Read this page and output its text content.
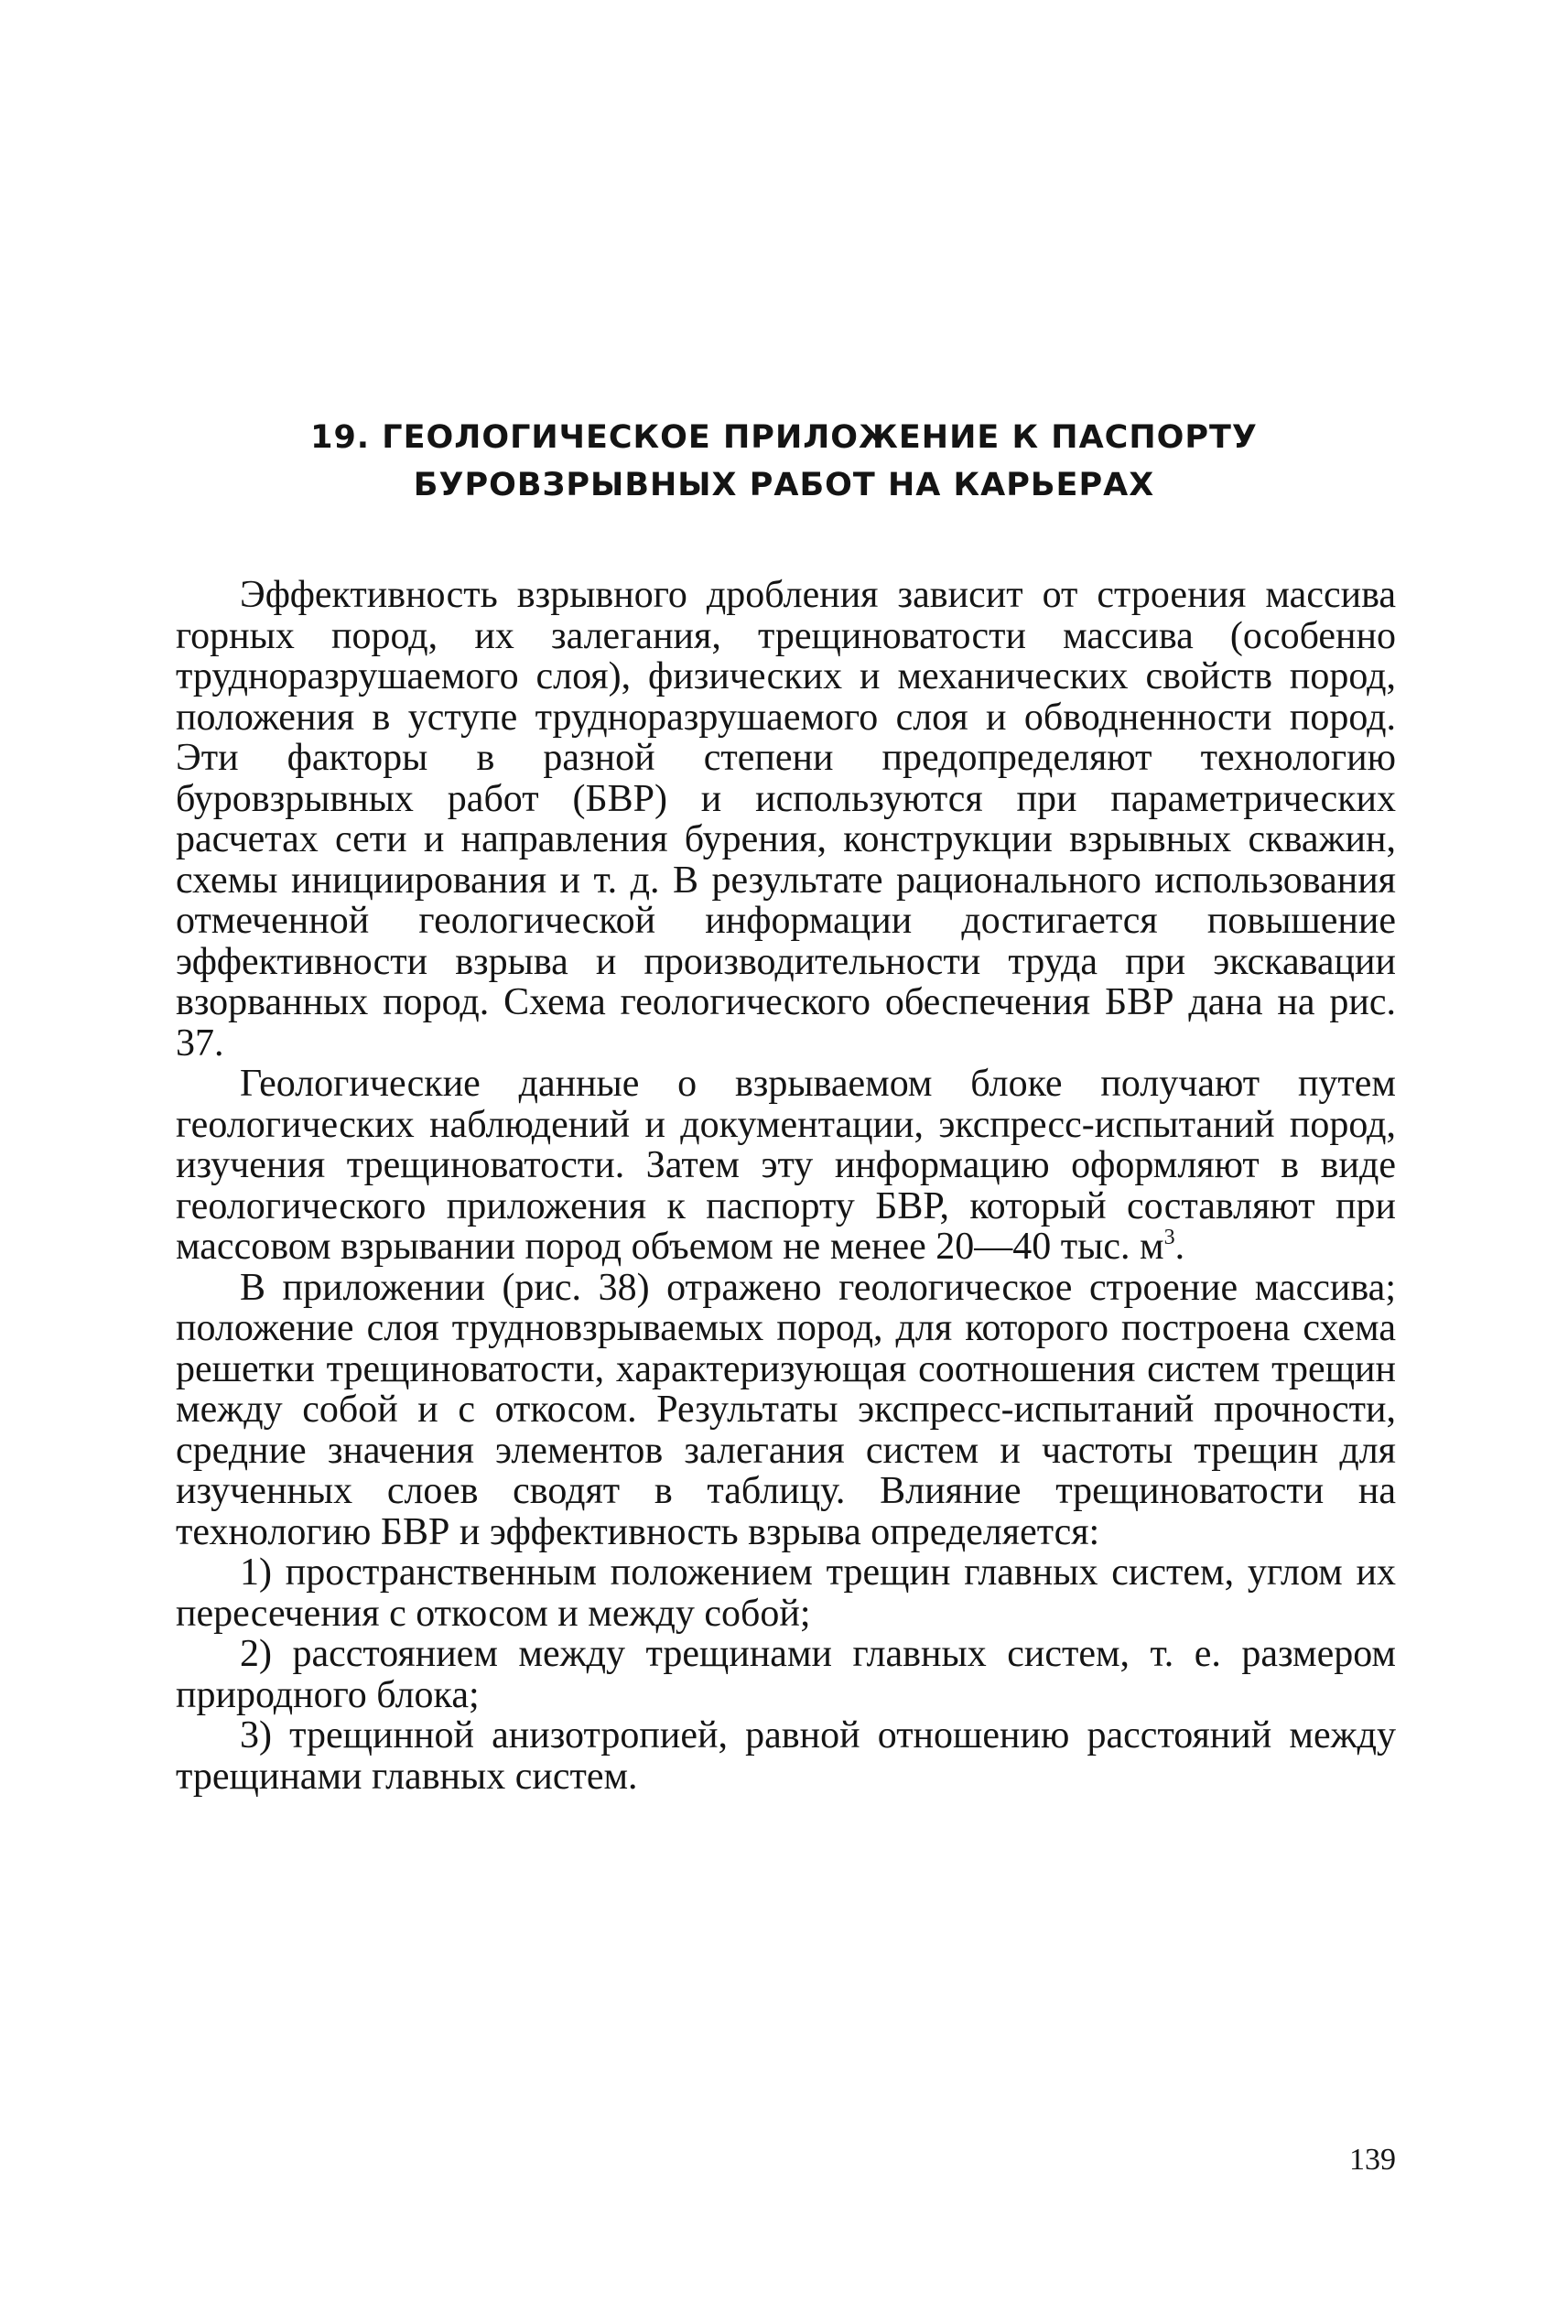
19. ГЕОЛОГИЧЕСКОЕ ПРИЛОЖЕНИЕ К ПАСПОРТУ
БУРОВЗРЫВНЫХ РАБОТ НА КАРЬЕРАХ

Эффективность взрывного дробления зависит от строения массива горных пород, их залегания, трещиноватости массива (особенно трудноразрушаемого слоя), физических и механических свойств пород, положения в уступе трудноразрушаемого слоя и обводненности пород. Эти факторы в разной степени предопределяют технологию буровзрывных работ (БВР) и используются при параметрических расчетах сети и направления бурения, конструкции взрывных скважин, схемы инициирования и т. д. В результате рационального использования отмеченной геологической информации достигается повышение эффективности взрыва и производительности труда при экскавации взорванных пород. Схема геологического обеспечения БВР дана на рис. 37.

Геологические данные о взрываемом блоке получают путем геологических наблюдений и документации, экспресс-испытаний пород, изучения трещиноватости. Затем эту информацию оформляют в виде геологического приложения к паспорту БВР, который составляют при массовом взрывании пород объемом не менее 20—40 тыс. $м^3$.

В приложении (рис. 38) отражено геологическое строение массива; положение слоя трудновзрываемых пород, для которого построена схема решетки трещиноватости, характеризующая соотношения систем трещин между собой и с откосом. Результаты экспресс-испытаний прочности, средние значения элементов залегания систем и частоты трещин для изученных слоев сводят в таблицу. Влияние трещиноватости на технологию БВР и эффективность взрыва определяется:

1) пространственным положением трещин главных систем, углом их пересечения с откосом и между собой;

2) расстоянием между трещинами главных систем, т. е. размером природного блока;

3) трещинной анизотропией, равной отношению расстояний между трещинами главных систем.

139
